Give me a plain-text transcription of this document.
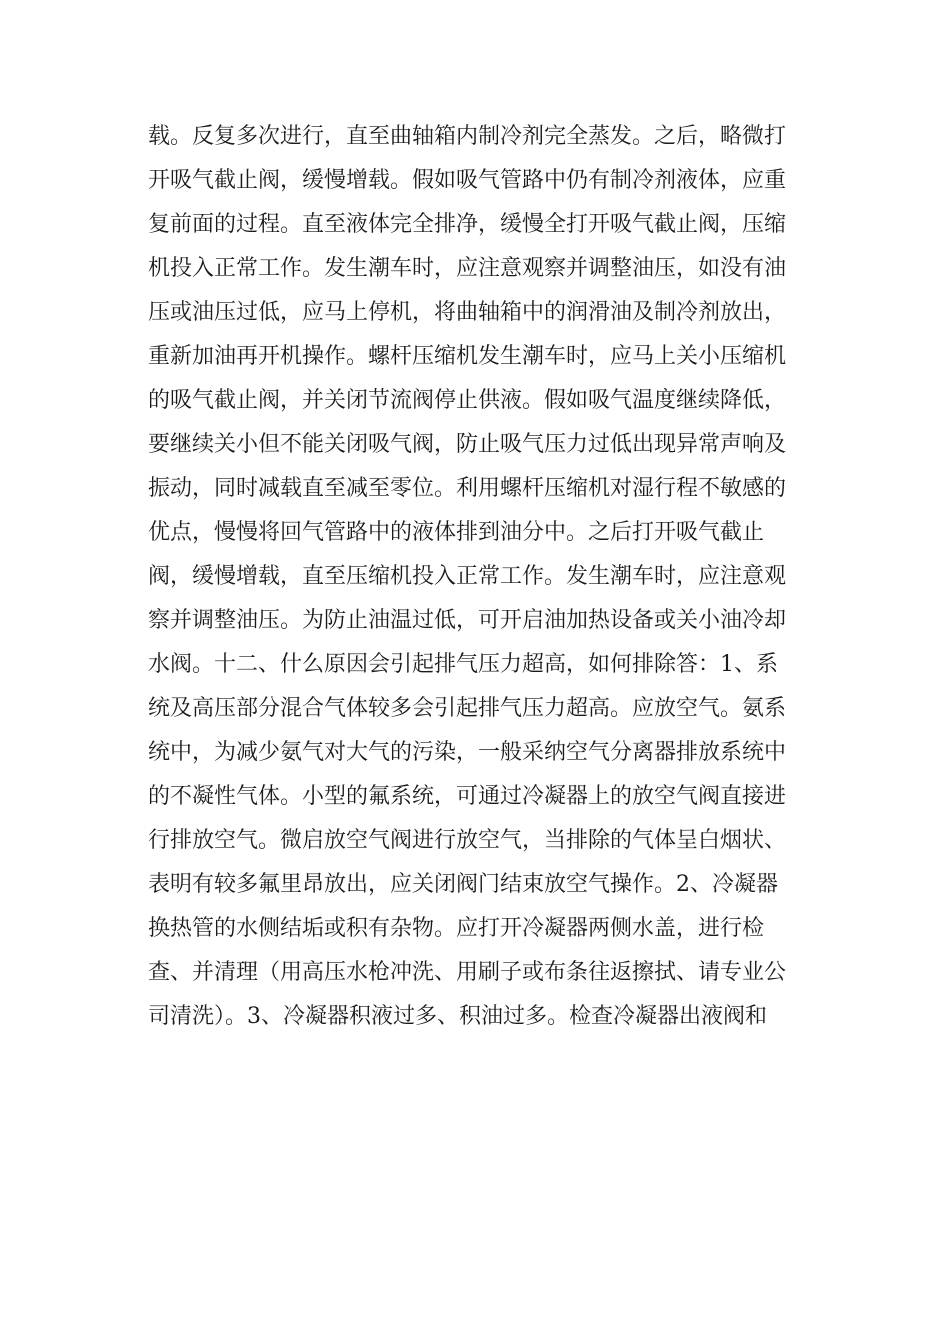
载。反复多次进行，直至曲轴箱内制冷剂完全蒸发。之后，略微打
开吸气截止阀，缓慢增载。假如吸气管路中仍有制冷剂液体，应重
复前面的过程。直至液体完全排净，缓慢全打开吸气截止阀，压缩
机投入正常工作。发生潮车时，应注意观察并调整油压，如没有油
压或油压过低，应马上停机，将曲轴箱中的润滑油及制冷剂放出，
重新加油再开机操作。螺杆压缩机发生潮车时，应马上关小压缩机
的吸气截止阀，并关闭节流阀停止供液。假如吸气温度继续降低，
要继续关小但不能关闭吸气阀，防止吸气压力过低出现异常声响及
振动，同时减载直至减至零位。利用螺杆压缩机对湿行程不敏感的
优点，慢慢将回气管路中的液体排到油分中。之后打开吸气截止
阀，缓慢增载，直至压缩机投入正常工作。发生潮车时，应注意观
察并调整油压。为防止油温过低，可开启油加热设备或关小油冷却
水阀。十二、什么原因会引起排气压力超高，如何排除答：1、系
统及高压部分混合气体较多会引起排气压力超高。应放空气。氨系
统中，为减少氨气对大气的污染，一般采纳空气分离器排放系统中
的不凝性气体。小型的氟系统，可通过冷凝器上的放空气阀直接进
行排放空气。微启放空气阀进行放空气，当排除的气体呈白烟状、
表明有较多氟里昂放出，应关闭阀门结束放空气操作。2、冷凝器
换热管的水侧结垢或积有杂物。应打开冷凝器两侧水盖，进行检
查、并清理（用高压水枪冲洗、用刷子或布条往返擦拭、请专业公
司清洗）。3、冷凝器积液过多、积油过多。检查冷凝器出液阀和
